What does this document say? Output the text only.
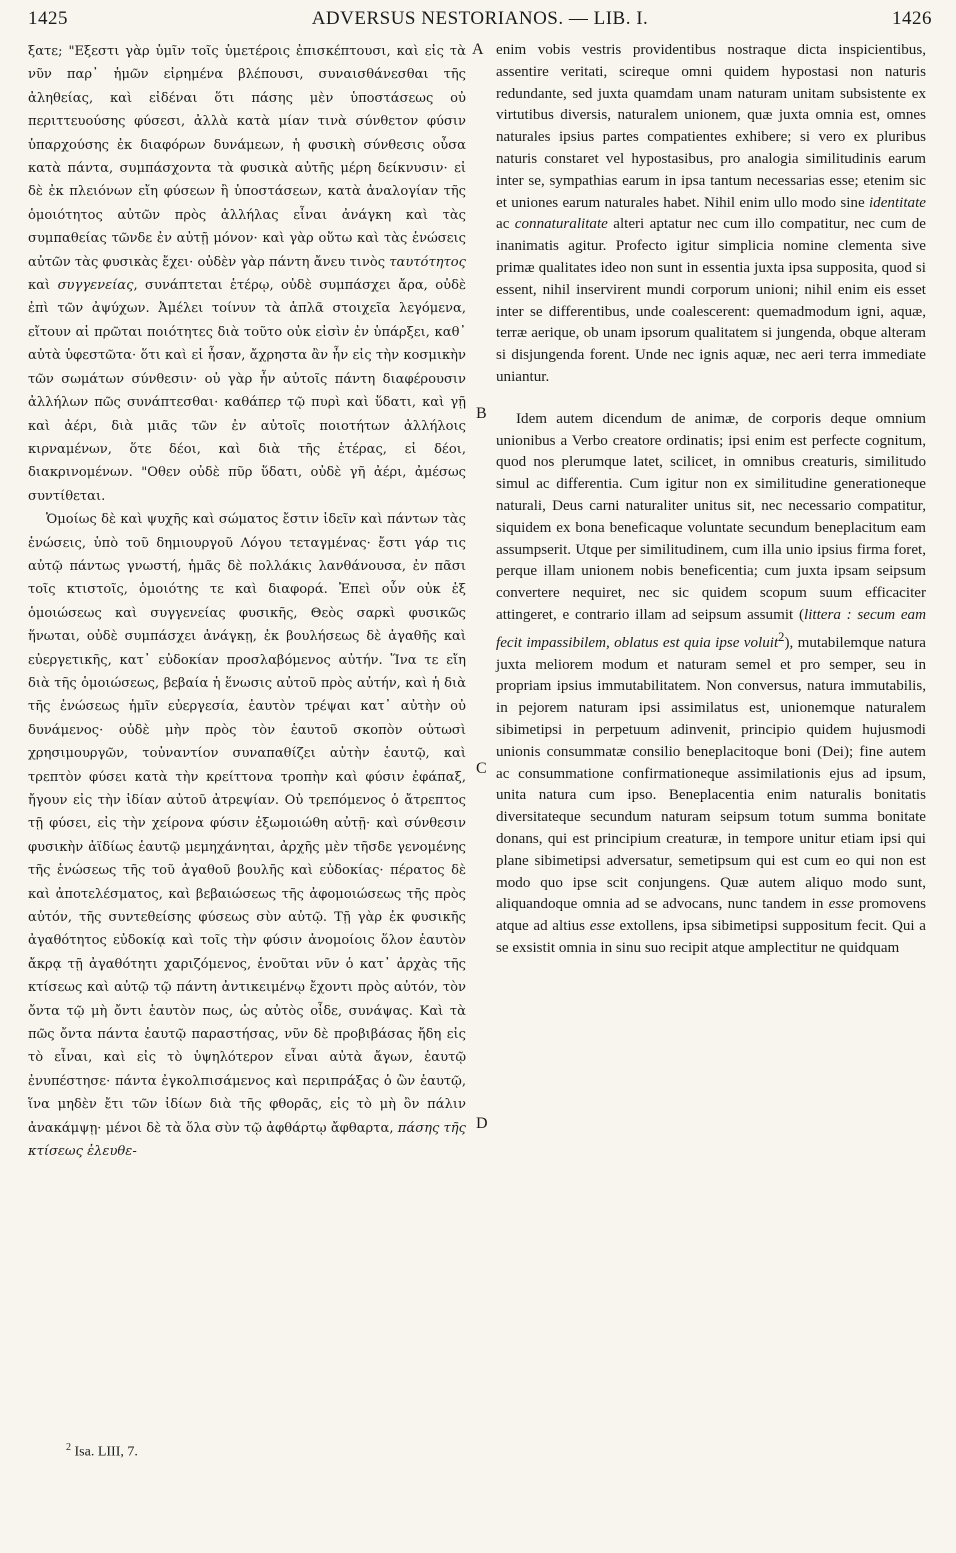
1425	ADVERSUS NESTORIANOS. — LIB. I.	1426

ξατε; "Εξεστι γὰρ ὑμῖν τοῖς ὑμετέροις ἐπισκέπτουσι, καὶ εἰς τὰ νῦν παρ᾿ ἡμῶν εἰρημένα βλέπουσι, συναισθάνεσθαι τῆς ἀληθείας, καὶ εἰδέναι ὅτι πάσης μὲν ὑποστάσεως οὐ περιττευούσης φύσεσι, ἀλλὰ κατὰ μίαν τινὰ σύνθετον φύσιν ὑπαρχούσης ἐκ διαφόρων δυνάμεων, ἡ φυσικὴ σύνθεσις οὖσα κατὰ πάντα, συμπάσχοντα τὰ φυσικὰ αὐτῆς μέρη δείκνυσιν· εἰ δὲ ἐκ πλειόνων εἴη φύσεων ἢ ὑποστάσεων, κατὰ ἀναλογίαν τῆς ὁμοιότητος αὐτῶν πρὸς ἀλλήλας εἶναι ἀνάγκη καὶ τὰς συμπαθείας τῶνδε ἐν αὐτῇ μόνον· καὶ γὰρ οὕτω καὶ τὰς ἑνώσεις αὐτῶν τὰς φυσικὰς ἔχει· οὐδὲν γὰρ πάντη ἄνευ τινὸς ταυτότητος καὶ συγγενείας, συνάπτεται ἑτέρῳ, οὐδὲ συμπάσχει ἄρα, οὐδὲ ἐπὶ τῶν ἀψύχων. Ἀμέλει τοίνυν τὰ ἁπλᾶ στοιχεῖα λεγόμενα, εἴτουν αἱ πρῶται ποιότητες διὰ τοῦτο οὐκ εἰσὶν ἐν ὑπάρξει, καθ᾿ αὐτὰ ὑφεστῶτα· ὅτι καὶ εἰ ἦσαν, ἄχρηστα ἂν ἦν εἰς τὴν κοσμικὴν τῶν σωμάτων σύνθεσιν· οὐ γὰρ ἦν αὐτοῖς πάντη διαφέρουσιν ἀλλήλων πῶς συνάπτεσθαι· καθάπερ τῷ πυρὶ καὶ ὕδατι, καὶ γῇ καὶ ἀέρι, διὰ μιᾶς τῶν ἐν αὐτοῖς ποιοτήτων ἀλλήλοις κιρναμένων, ὅτε δέοι, καὶ διὰ τῆς ἑτέρας, εἰ δέοι, διακρινομένων. "Οθεν οὐδὲ πῦρ ὕδατι, οὐδὲ γῆ ἀέρι, ἀμέσως συντίθεται.

Ὁμοίως δὲ καὶ ψυχῆς καὶ σώματος ἔστιν ἰδεῖν καὶ πάντων τὰς ἑνώσεις, ὑπὸ τοῦ δημιουργοῦ Λόγου τεταγμένας· ἔστι γάρ τις αὐτῷ πάντως γνωστή, ἡμᾶς δὲ πολλάκις λανθάνουσα, ἐν πᾶσι τοῖς κτιστοῖς, ὁμοιότης τε καὶ διαφορά. Ἐπεὶ οὖν οὐκ ἐξ ὁμοιώσεως καὶ συγγενείας φυσικῆς, Θεὸς σαρκὶ φυσικῶς ἥνωται, οὐδὲ συμπάσχει ἀνάγκῃ, ἐκ βουλήσεως δὲ ἀγαθῆς καὶ εὐεργετικῆς, κατ᾿ εὐδοκίαν προσλαβόμενος αὐτήν. Ἵνα τε εἴη διὰ τῆς ὁμοιώσεως, βεβαία ἡ ἕνωσις αὐτοῦ πρὸς αὐτήν, καὶ ἡ διὰ τῆς ἑνώσεως ἡμῖν εὐεργεσία, ἑαυτὸν τρέψαι κατ᾿ αὐτὴν οὐ δυνάμενος· οὐδὲ μὴν πρὸς τὸν ἑαυτοῦ σκοπὸν οὑτωσὶ χρησιμουργῶν, τοὐναντίον συναπαθίζει αὐτὴν ἑαυτῷ, καὶ τρεπτὸν φύσει κατὰ τὴν κρείττονα τροπὴν καὶ φύσιν ἐφάπαξ, ἤγουν εἰς τὴν ἰδίαν αὐτοῦ ἀτρεψίαν. Οὐ τρεπόμενος ὁ ἄτρεπτος τῇ φύσει, εἰς τὴν χείρονα φύσιν ἐξωμοιώθη αὐτῇ· καὶ σύνθεσιν φυσικὴν ἀϊδίως ἑαυτῷ μεμηχάνηται, ἀρχῆς μὲν τῆσδε γενομένης τῆς ἑνώσεως τῆς τοῦ ἀγαθοῦ βουλῆς καὶ εὐδοκίας· πέρατος δὲ καὶ ἀποτελέσματος, καὶ βεβαιώσεως τῆς ἀφομοιώσεως τῆς πρὸς αὐτόν, τῆς συντεθείσης φύσεως σὺν αὐτῷ. Τῇ γὰρ ἐκ φυσικῆς ἀγαθότητος εὐδοκίᾳ καὶ τοῖς τὴν φύσιν ἀνομοίοις ὅλον ἑαυτὸν ἄκρᾳ τῇ ἀγαθότητι χαριζόμενος, ἑνοῦται νῦν ὁ κατ᾿ ἀρχὰς τῆς κτίσεως καὶ αὐτῷ τῷ πάντη ἀντικειμένῳ ἔχοντι πρὸς αὐτόν, τὸν ὄντα τῷ μὴ ὄντι ἑαυτὸν πως, ὡς αὐτὸς οἶδε, συνάψας. Καὶ τὰ πῶς ὄντα πάντα ἑαυτῷ παραστήσας, νῦν δὲ προβιβάσας ἤδη εἰς τὸ εἶναι, καὶ εἰς τὸ ὑψηλότερον εἶναι αὐτὰ ἄγων, ἑαυτῷ ἐνυπέστησε· πάντα ἐγκολπισάμενος καὶ περιπράξας ὁ ὢν ἑαυτῷ, ἵνα μηδὲν ἔτι τῶν ἰδίων διὰ τῆς φθορᾶς, εἰς τὸ μὴ ὂν πάλιν ἀνακάμψῃ· μένοι δὲ τὰ ὅλα σὺν τῷ ἀφθάρτῳ ἄφθαρτα, πάσης τῆς κτίσεως ἐλευθε-

A
B
C
D

enim vobis vestris providentibus nostraque dicta inspicientibus, assentire veritati, scireque omni quidem hypostasi non naturis redundante, sed juxta quamdam unam naturam unitam subsistente ex virtutibus diversis, naturalem unionem, quæ juxta omnia est, omnes naturales ipsius partes compatientes exhibere; si vero ex pluribus naturis constaret vel hypostasibus, pro analogia similitudinis earum inter se, sympathias earum in ipsa tantum necessarias esse; etenim sic et uniones earum naturales habet. Nihil enim ullo modo sine identitate ac connaturalitate alteri aptatur nec cum illo compatitur, nec cum de inanimatis agitur. Profecto igitur simplicia nomine clementa sive primæ qualitates ideo non sunt in essentia juxta ipsa supposita, quod si essent, nihil inservirent mundi corporum unioni; nihil enim eis esset inter se differentibus, unde coalescerent: quemadmodum igni, aquæ, terræ aerique, ob unam ipsorum qualitatem si jungenda, obque alteram si disjungenda forent. Unde nec ignis aquæ, nec aeri terra immediate uniantur.

Idem autem dicendum de animæ, de corporis deque omnium unionibus a Verbo creatore ordinatis; ipsi enim est perfecte cognitum, quod nos plerumque latet, scilicet, in omnibus creaturis, similitudo simul ac differentia. Cum igitur non ex similitudine generationeque naturali, Deus carni naturaliter unitus sit, nec necessario compatitur, siquidem ex bona beneficaque voluntate secundum beneplacitum eam assumpserit. Utque per similitudinem, cum illa unio ipsius firma foret, perque illam unionem nobis beneficentia; cum juxta ipsam seipsum convertere nequiret, nec sic quidem scopum suum efficaciter attingeret, e contrario illam ad seipsum assumit (littera : secum eam fecit impassibilem, oblatus est quia ipse voluit$^2$), mutabilemque natura juxta meliorem modum et naturam semel et pro semper, seu in propriam ipsius immutabilitatem. Non conversus, natura immutabilis, in pejorem naturam ipsi assimilatus est, unionemque naturalem sibimetipsi in perpetuum adinvenit, principio quidem hujusmodi unionis consummatæ consilio beneplacitoque boni (Dei); fine autem ac consummatione confirmationeque assimilationis ejus ad ipsum, unita natura cum ipso. Beneplacentia enim naturalis bonitatis diversitateque secundum naturam seipsum totum summa bonitate donans, qui est principium creaturæ, in tempore unitur etiam ipsi qui plane sibimetipsi adversatur, semetipsum qui est cum eo qui non est modo quo ipse scit conjungens. Quæ autem aliquo modo sunt, aliquandoque omnia ad se advocans, nunc tandem in esse promovens atque ad altius esse extollens, ipsa sibimetipsi suppositum fecit. Qui a se exsistit omnia in sinu suo recipit atque amplectitur ne quidquam

$^2$ Isa. LIII, 7.
